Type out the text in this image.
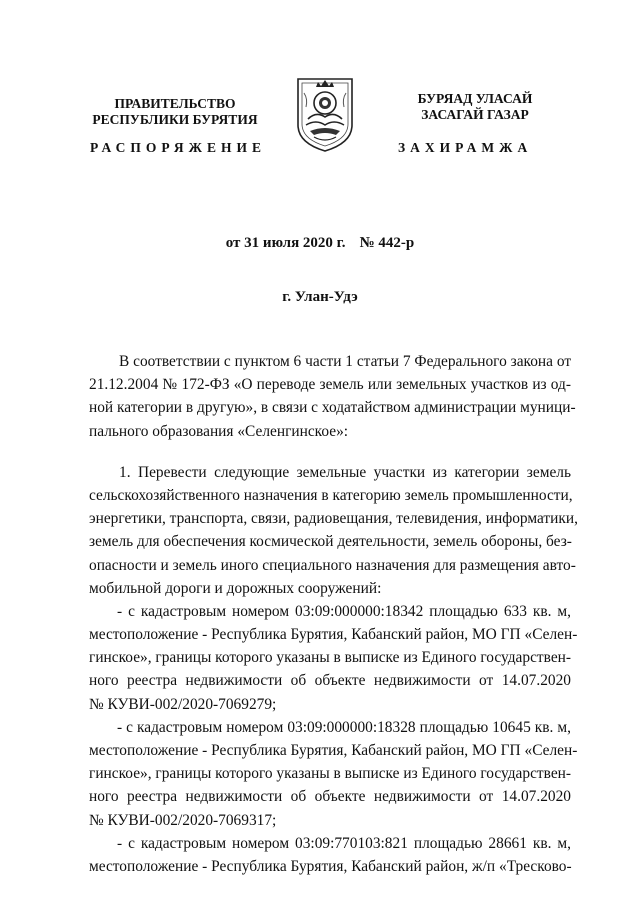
ПРАВИТЕЛЬСТВО
РЕСПУБЛИКИ БУРЯТИЯ
БУРЯАД УЛАСАЙ
ЗАСАГАЙ ГАЗАР
РАСПОРЯЖЕНИЕ	ЗАХИРАМЖА
от 31 июля 2020 г. № 442-р
г. Улан-Удэ
В соответствии с пунктом 6 части 1 статьи 7 Федерального закона от
21.12.2004 № 172-ФЗ «О переводе земель или земельных участков из од-
ной категории в другую», в связи с ходатайством администрации муници-
пального образования «Селенгинское»:
1. Перевести следующие земельные участки из категории земель
сельскохозяйственного назначения в категорию земель промышленности,
энергетики, транспорта, связи, радиовещания, телевидения, информатики,
земель для обеспечения космической деятельности, земель обороны, без-
опасности и земель иного специального назначения для размещения авто-
мобильной дороги и дорожных сооружений:
- с кадастровым номером 03:09:000000:18342 площадью 633 кв. м,
местоположение - Республика Бурятия, Кабанский район, МО ГП «Селен-
гинское», границы которого указаны в выписке из Единого государствен-
ного реестра недвижимости об объекте недвижимости от 14.07.2020
№ КУВИ-002/2020-7069279;
- с кадастровым номером 03:09:000000:18328 площадью 10645 кв. м,
местоположение - Республика Бурятия, Кабанский район, МО ГП «Селен-
гинское», границы которого указаны в выписке из Единого государствен-
ного реестра недвижимости об объекте недвижимости от 14.07.2020
№ КУВИ-002/2020-7069317;
- с кадастровым номером 03:09:770103:821 площадью 28661 кв. м,
местоположение - Республика Бурятия, Кабанский район, ж/п «Тресково-
